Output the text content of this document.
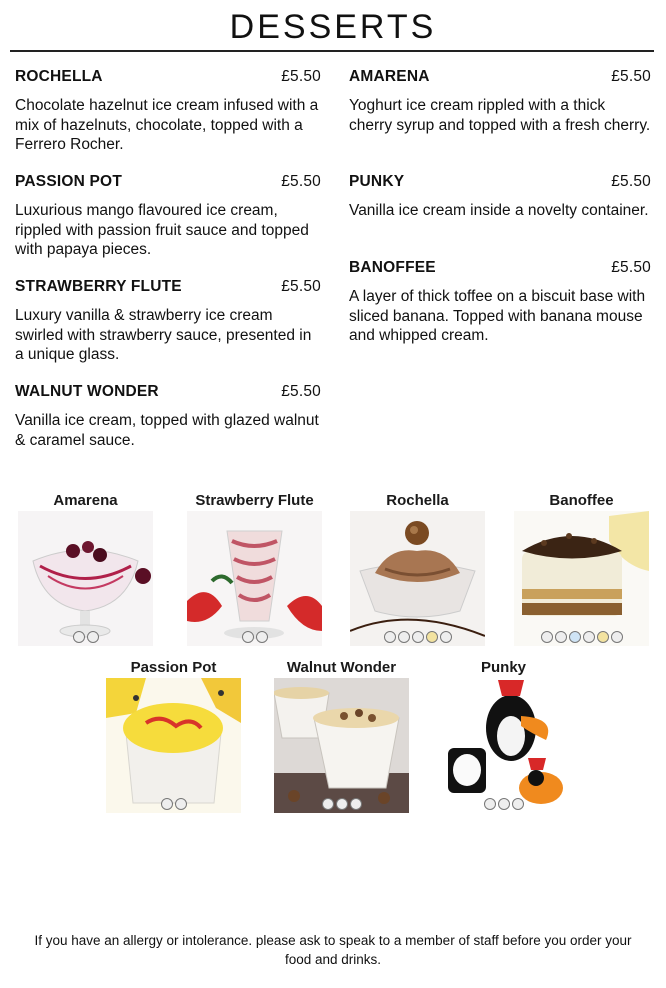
DESSERTS
ROCHELLA	£5.50
Chocolate hazelnut ice cream infused with a mix of hazelnuts, chocolate, topped with a Ferrero Rocher.
PASSION POT	£5.50
Luxurious mango flavoured ice cream, rippled with passion fruit sauce and topped with papaya pieces.
STRAWBERRY FLUTE	£5.50
Luxury vanilla & strawberry ice cream swirled with strawberry sauce, presented in a unique glass.
WALNUT WONDER	£5.50
Vanilla ice cream, topped with glazed walnut & caramel sauce.
AMARENA	£5.50
Yoghurt ice cream rippled with a thick cherry syrup and topped with a fresh cherry.
PUNKY	£5.50
Vanilla ice cream inside a novelty container.
BANOFFEE	£5.50
A layer of thick toffee on a biscuit base with sliced banana. Topped with banana mouse and whipped cream.
Amarena	Strawberry Flute	Rochella	Banoffee
Passion Pot	Walnut Wonder	Punky
If you have an allergy or intolerance. please ask to speak to a member of staff before you order your food and drinks.
